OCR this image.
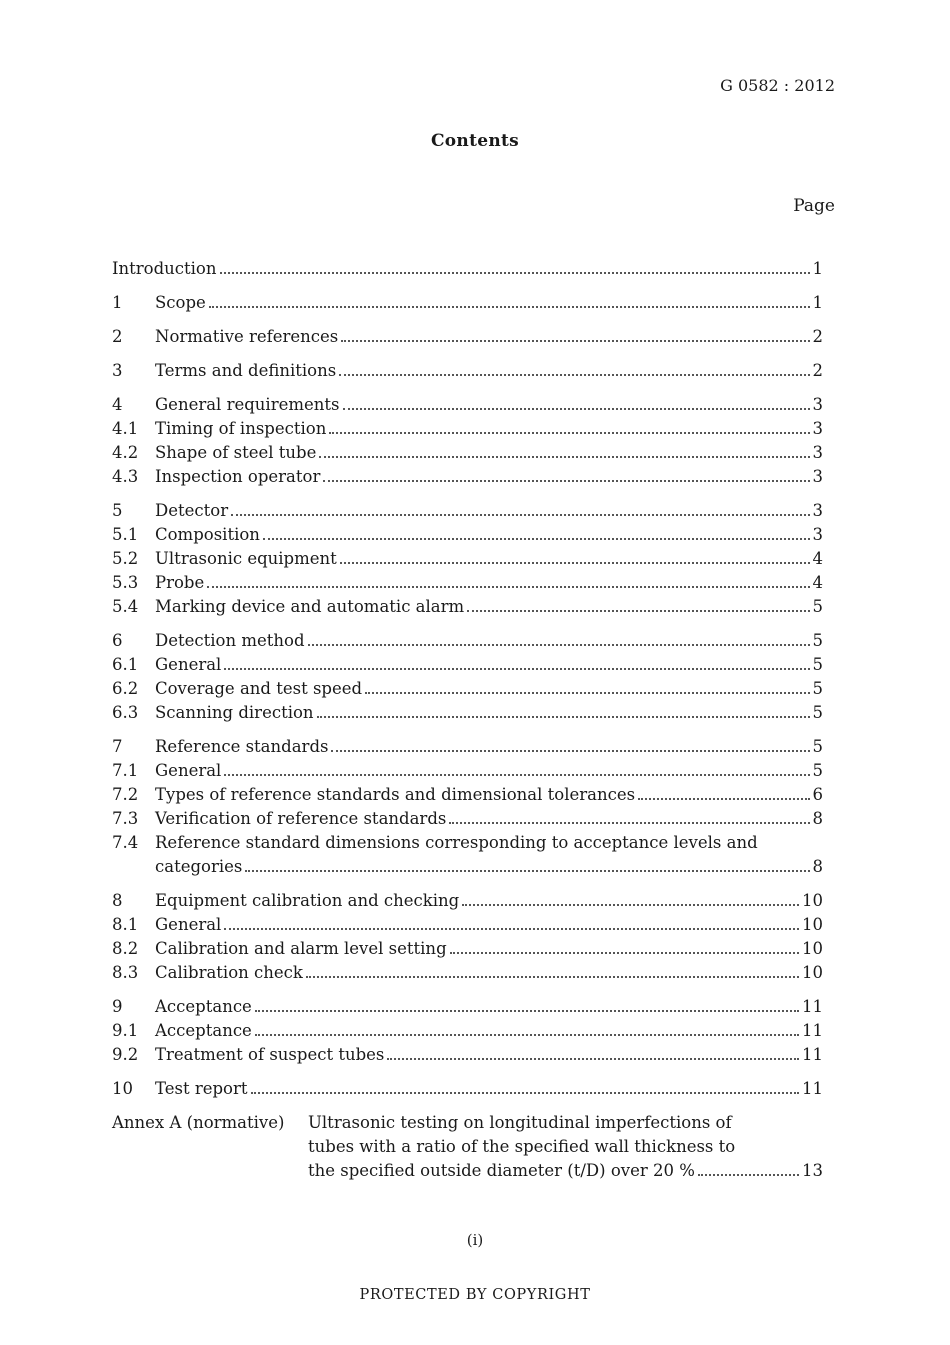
G 0582 : 2012
Contents
Page
Introduction	1
1	Scope	1
2	Normative references	2
3	Terms and definitions	2
4	General requirements	3
4.1	Timing of inspection	3
4.2	Shape of steel tube	3
4.3	Inspection operator	3
5	Detector	3
5.1	Composition	3
5.2	Ultrasonic equipment	4
5.3	Probe	4
5.4	Marking device and automatic alarm	5
6	Detection method	5
6.1	General	5
6.2	Coverage and test speed	5
6.3	Scanning direction	5
7	Reference standards	5
7.1	General	5
7.2	Types of reference standards and dimensional tolerances	6
7.3	Verification of reference standards	8
7.4	Reference standard dimensions corresponding to acceptance levels and
categories	8
8	Equipment calibration and checking	10
8.1	General	10
8.2	Calibration and alarm level setting	10
8.3	Calibration check	10
9	Acceptance	11
9.1	Acceptance	11
9.2	Treatment of suspect tubes	11
10	Test report	11
Annex A (normative)	Ultrasonic testing on longitudinal imperfections of
tubes with a ratio of the specified wall thickness to
the specified outside diameter (t/D) over 20 %	13
(i)
PROTECTED BY COPYRIGHT
